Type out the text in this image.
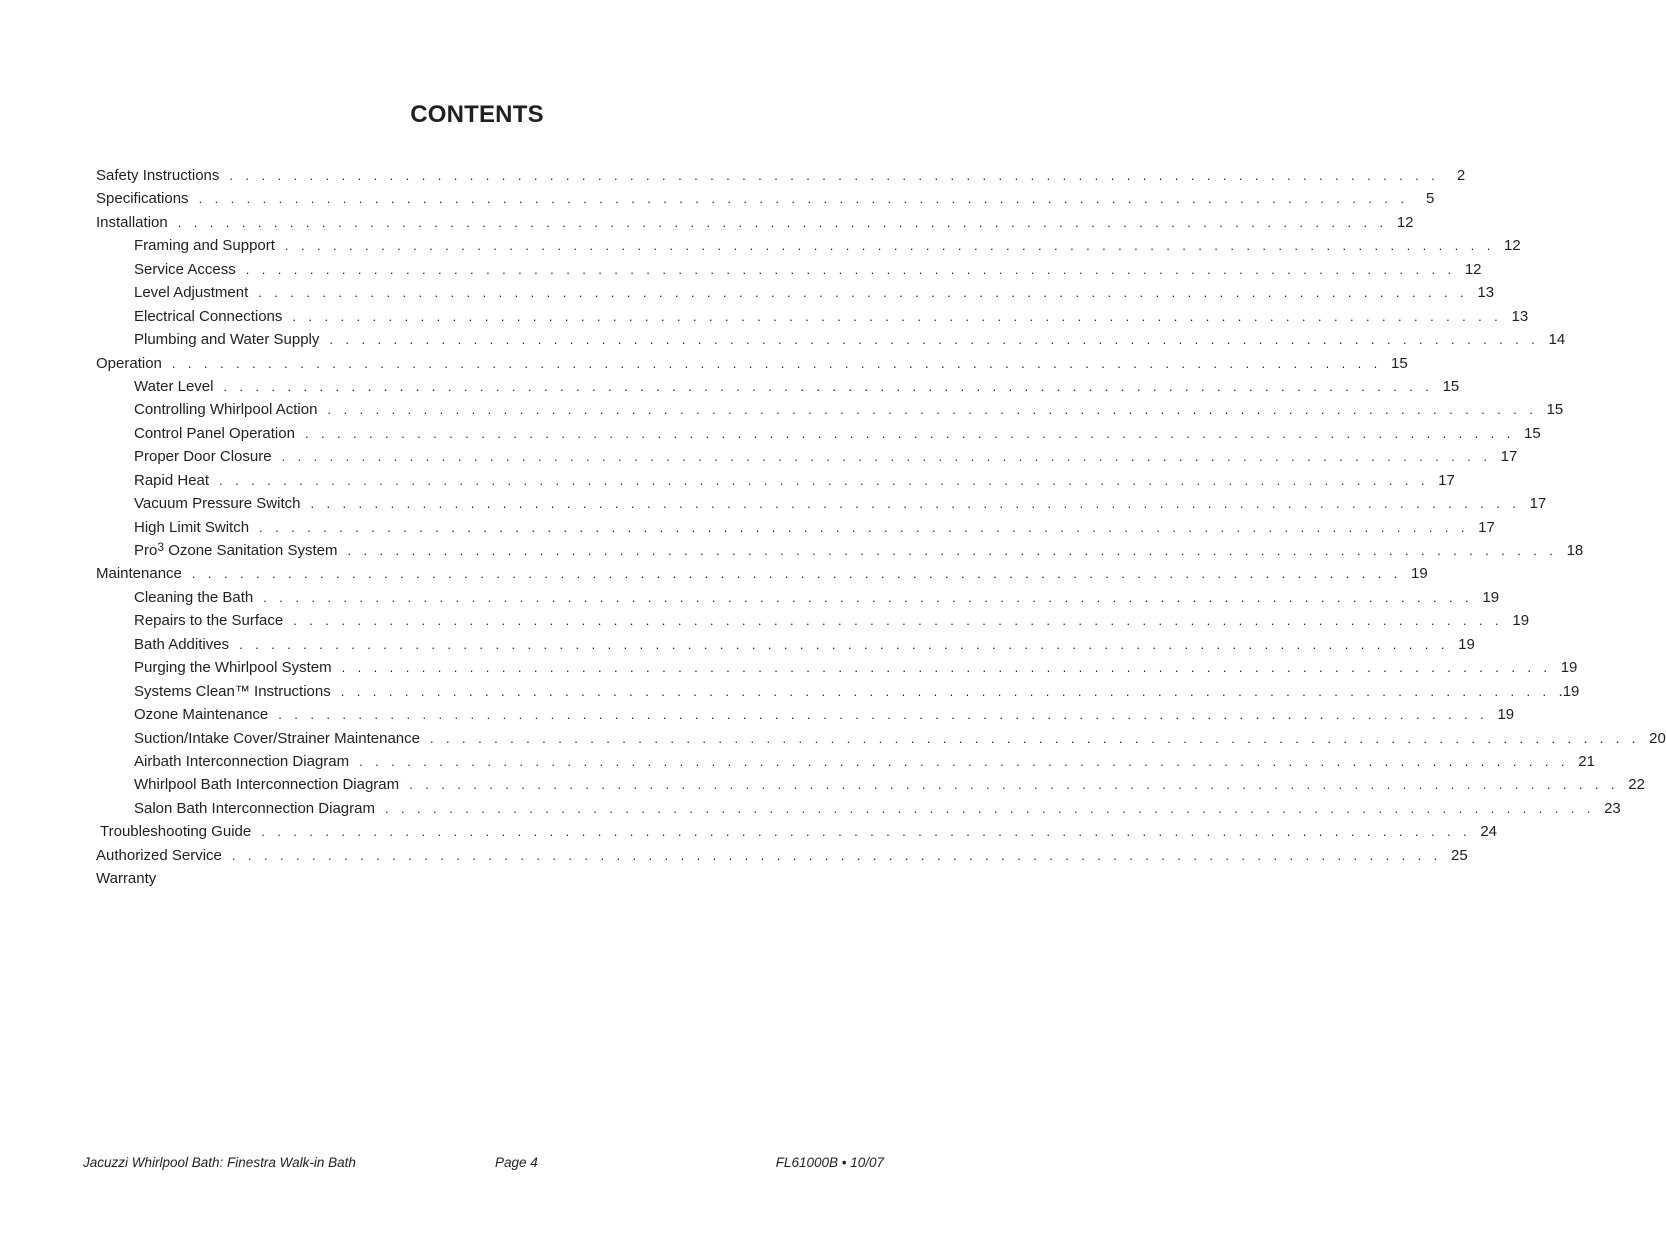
CONTENTS
Safety Instructions . . . . . . . . . . . . . . . . . . . . . . . . . . . . . . . . . . . . . . . . . . . . . . . . . . . . . . . . . . . . . . . . . . . . . . . . . . . .	2
Specifications . . . . . . . . . . . . . . . . . . . . . . . . . . . . . . . . . . . . . . . . . . . . . . . . . . . . . . . . . . . . . . . . . . . . . . . . . . . .	5
Installation . . . . . . . . . . . . . . . . . . . . . . . . . . . . . . . . . . . . . . . . . . . . . . . . . . . . . . . . . . . . . . . . . . . . . . . . . . . . 12
Framing and Support . . . . . . . . . . . . . . . . . . . . . . . . . . . . . . . . . . . . . . . . . . . . . . . . . . . . . . . . . . . . . . . . . . . . . . . . . . . . 12
Service Access . . . . . . . . . . . . . . . . . . . . . . . . . . . . . . . . . . . . . . . . . . . . . . . . . . . . . . . . . . . . . . . . . . . . . . . . . . . . 12
Level Adjustment . . . . . . . . . . . . . . . . . . . . . . . . . . . . . . . . . . . . . . . . . . . . . . . . . . . . . . . . . . . . . . . . . . . . . . . . . . . . 13
Electrical Connections . . . . . . . . . . . . . . . . . . . . . . . . . . . . . . . . . . . . . . . . . . . . . . . . . . . . . . . . . . . . . . . . . . . . . . . . . . . . 13
Plumbing and Water Supply . . . . . . . . . . . . . . . . . . . . . . . . . . . . . . . . . . . . . . . . . . . . . . . . . . . . . . . . . . . . . . . . . . . . . . . . . . . . 14
Operation . . . . . . . . . . . . . . . . . . . . . . . . . . . . . . . . . . . . . . . . . . . . . . . . . . . . . . . . . . . . . . . . . . . . . . . . . . . . 15
Water Level . . . . . . . . . . . . . . . . . . . . . . . . . . . . . . . . . . . . . . . . . . . . . . . . . . . . . . . . . . . . . . . . . . . . . . . . . . . . 15
Controlling Whirlpool Action . . . . . . . . . . . . . . . . . . . . . . . . . . . . . . . . . . . . . . . . . . . . . . . . . . . . . . . . . . . . . . . . . . . . . . . . . . . . 15
Control Panel Operation . . . . . . . . . . . . . . . . . . . . . . . . . . . . . . . . . . . . . . . . . . . . . . . . . . . . . . . . . . . . . . . . . . . . . . . . . . . . 15
Proper Door Closure . . . . . . . . . . . . . . . . . . . . . . . . . . . . . . . . . . . . . . . . . . . . . . . . . . . . . . . . . . . . . . . . . . . . . . . . . . . . 17
Rapid Heat . . . . . . . . . . . . . . . . . . . . . . . . . . . . . . . . . . . . . . . . . . . . . . . . . . . . . . . . . . . . . . . . . . . . . . . . . . . . 17
Vacuum Pressure Switch . . . . . . . . . . . . . . . . . . . . . . . . . . . . . . . . . . . . . . . . . . . . . . . . . . . . . . . . . . . . . . . . . . . . . . . . . . . . 17
High Limit Switch . . . . . . . . . . . . . . . . . . . . . . . . . . . . . . . . . . . . . . . . . . . . . . . . . . . . . . . . . . . . . . . . . . . . . . . . . . . . 17
Pro$^3$ Ozone Sanitation System . . . . . . . . . . . . . . . . . . . . . . . . . . . . . . . . . . . . . . . . . . . . . . . . . . . . . . . . . . . . . . . . . . . . . . . . . . . . 18
Maintenance . . . . . . . . . . . . . . . . . . . . . . . . . . . . . . . . . . . . . . . . . . . . . . . . . . . . . . . . . . . . . . . . . . . . . . . . . . . . 19
Cleaning the Bath . . . . . . . . . . . . . . . . . . . . . . . . . . . . . . . . . . . . . . . . . . . . . . . . . . . . . . . . . . . . . . . . . . . . . . . . . . . . 19
Repairs to the Surface . . . . . . . . . . . . . . . . . . . . . . . . . . . . . . . . . . . . . . . . . . . . . . . . . . . . . . . . . . . . . . . . . . . . . . . . . . . . 19
Bath Additives . . . . . . . . . . . . . . . . . . . . . . . . . . . . . . . . . . . . . . . . . . . . . . . . . . . . . . . . . . . . . . . . . . . . . . . . . . . . 19
Purging the Whirlpool System . . . . . . . . . . . . . . . . . . . . . . . . . . . . . . . . . . . . . . . . . . . . . . . . . . . . . . . . . . . . . . . . . . . . . . . . . . . . 19
Systems Clean™ Instructions . . . . . . . . . . . . . . . . . . . . . . . . . . . . . . . . . . . . . . . . . . . . . . . . . . . . . . . . . . . . . . . . . . . . . . . . . . . . .19
Ozone Maintenance . . . . . . . . . . . . . . . . . . . . . . . . . . . . . . . . . . . . . . . . . . . . . . . . . . . . . . . . . . . . . . . . . . . . . . . . . . . . 19
Suction/Intake Cover/Strainer Maintenance . . . . . . . . . . . . . . . . . . . . . . . . . . . . . . . . . . . . . . . . . . . . . . . . . . . . . . . . . . . . . . . . . . . . . . . . . . . . 20
Airbath Interconnection Diagram . . . . . . . . . . . . . . . . . . . . . . . . . . . . . . . . . . . . . . . . . . . . . . . . . . . . . . . . . . . . . . . . . . . . . . . . . . . . 21
Whirlpool Bath Interconnection Diagram . . . . . . . . . . . . . . . . . . . . . . . . . . . . . . . . . . . . . . . . . . . . . . . . . . . . . . . . . . . . . . . . . . . . . . . . . . . . 22
Salon Bath Interconnection Diagram . . . . . . . . . . . . . . . . . . . . . . . . . . . . . . . . . . . . . . . . . . . . . . . . . . . . . . . . . . . . . . . . . . . . . . . . . . . . 23
Troubleshooting Guide . . . . . . . . . . . . . . . . . . . . . . . . . . . . . . . . . . . . . . . . . . . . . . . . . . . . . . . . . . . . . . . . . . . . . . . . . . . . 24
Authorized Service . . . . . . . . . . . . . . . . . . . . . . . . . . . . . . . . . . . . . . . . . . . . . . . . . . . . . . . . . . . . . . . . . . . . . . . . . . . . 25
Warranty
Jacuzzi Whirlpool Bath: Finestra Walk-in Bath	Page 4	FL61000B • 10/07
